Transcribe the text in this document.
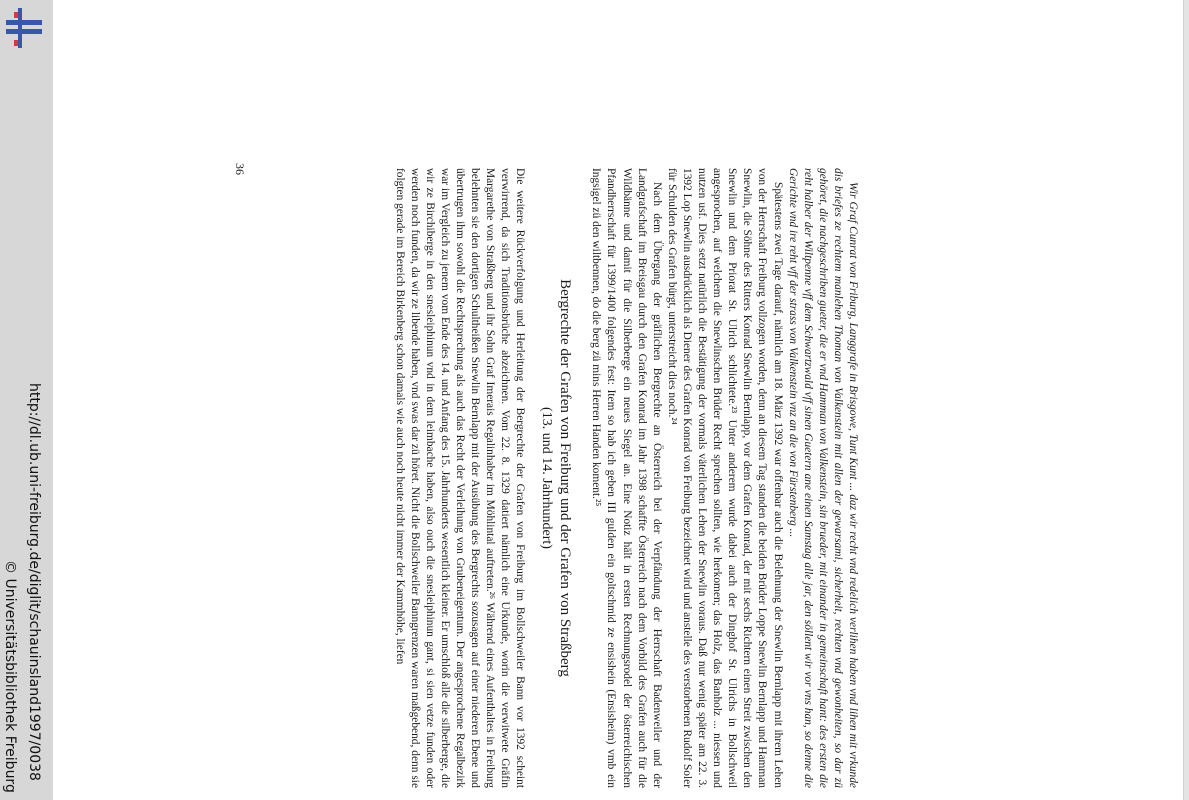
http://dl.ub.uni-freiburg.de/diglit/schauinsland1997/0038
© Universitätsbibliothek Freiburg
36

Wir Graf Cunrat von Friburg, Langgrafe in Brisgowe, Tunt Kunt ... daz wir recht vnd redelich verlihen haben vnd lihen mit vrkunde dis briefes ze rechtem manlehen Thoman von Valkenstein mit allen der gewarsami, sicherheit, rechten vnd gewonheiten, so dar zü gehöret, die nachgeschriben gueter, die er vnd Hamman von Valkenstein, sin brueder, mit einander in gemeinschaft hant: des ersten die reht halber der Wiltpenne vff dem Schwartzwald vff sinen Guetern ane einen Samstag alle jar, den söllent wir vor vns han, so denne die Gerichte vnd ire reht vff der strass von Valkenstein vnz an die von Fürstenberg ...

Spätestens zwei Tage darauf, nämlich am 18. März 1392 war offenbar auch die Belehnung der Snewlin Bernlapp mit ihrem Lehen von der Herrschaft Freiburg vollzogen worden, denn an diesem Tag standen die beiden Brüder Loppe Snewlin Bernlapp und Hamman Snewlin, die Söhne des Ritters Konrad Snewlin Bernlapp, vor dem Grafen Konrad, der mit sechs Richtern einen Streit zwischen den Snewlin und dem Priorat St. Ulrich schlichtete.²³ Unter anderem wurde dabei auch der Dinghof St. Ulrichs in Bollschweil angesprochen, auf welchem die Snewlinschen Brüder Recht sprechen sollten, wie herkomen; das Holz, das Banholz ... niessen und nutzen usf. Dies setzt natürlich die Bestätigung der vormals väterlichen Lehen der Snewlin voraus. Daß nur wenig später am 22. 3. 1392 Lop Snewlin ausdrücklich als Diener des Grafen Konrad von Freiburg bezeichnet wird und anstelle des verstorbenen Rudolf Soler für Schulden des Grafen bürgt, unterstreicht dies noch.²⁴

Nach dem Übergang der gräflichen Bergrechte an Österreich bei der Verpfändung der Herrschaft Badenweiler und der Landgrafschaft im Breisgau durch den Grafen Konrad im Jahr 1398 schaffte Österreich nach dem Vorbild des Grafen auch für die Wildbänne und damit für die Silberberge ein neues Siegel an. Eine Notiz hält in ersten Rechnungsrodel der österreichischen Pfandherrschaft für 1399/1400 folgendes fest: Item so hab ich geben III gulden ein goltschmid ze ensishein (Ensisheim) vmb ein Ingsigel zü den wiltbennen, do die berg zü mins Herren Handen koment.²⁵

Bergrechte der Grafen von Freiburg und der Grafen von Straßberg
(13. und 14. Jahrhundert)

Die weitere Rückverfolgung und Herleitung der Bergrechte der Grafen von Freiburg im Bollschweiler Bann vor 1392 scheint verwirrend, da sich Traditionsbrüche abzeichnen. Vom 22. 8. 1329 datiert nämlich eine Urkunde, worin die verwitwete Gräfin Margarethe von Straßberg und ihr Sohn Graf Imerais Regalinhaber im Möhlintal auftreten.²⁶ Während eines Aufenthaltes in Freiburg belehnten sie den dortigen Schultheißen Snewlin Bernlapp mit der Ausübung des Bergrechts sozusagen auf einer niederen Ebene und übertrugen ihm sowohl die Rechtsprechung als auch das Recht der Verleihung von Grubeneigentum. Der angesprochene Regalbezirk war im Vergleich zu jenem vom Ende des 14. und Anfang des 15. Jahrhunderts wesentlich kleiner. Er umschloß alle die silberberge, die wir ze Birchiberge in den snesleiphinun vnd in dem leimbache haben, also ouch die snesleiphinun gant, si sien vetze funden oder werden noch funden, da wir ze libende haben, vnd swas dar zü höret. Nicht die Bollschweiler Banngrenzen waren maßgebend, denn sie folgten gerade im Bereich Birkenberg schon damals wie auch noch heute nicht immer der Kammhöhe, liefen
